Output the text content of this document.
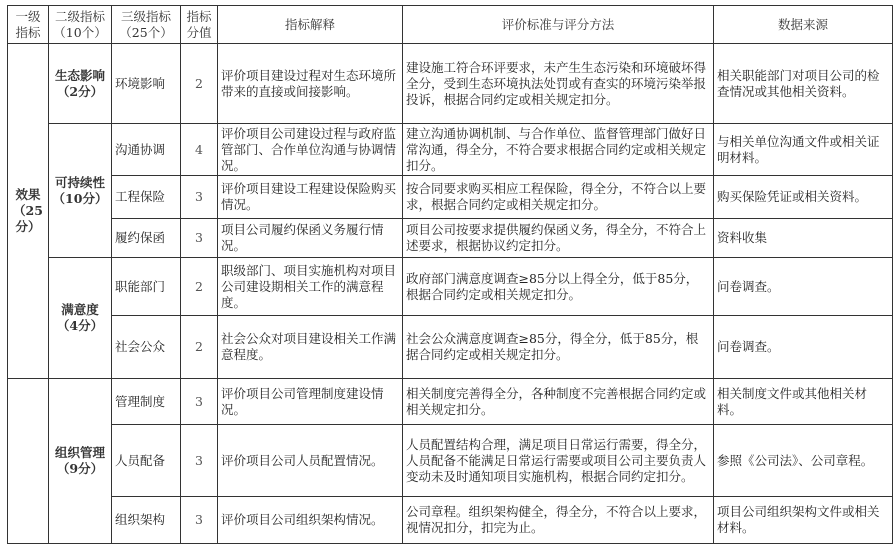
一级指标	二级指标（10个）	三级指标（25个）	指标分值	指标解释	评价标准与评分方法	数据来源
效果（25分）	生态影响（2分）	环境影响	2	评价项目建设过程对生态环境所带来的直接或间接影响。	建设施工符合环评要求，未产生生态污染和环境破坏得全分，受到生态环境执法处罚或有查实的环境污染举报投诉，根据合同约定或相关规定扣分。	相关职能部门对项目公司的检查情况或其他相关资料。
	可持续性（10分）	沟通协调	4	评价项目公司建设过程与政府监管部门、合作单位沟通与协调情况。	建立沟通协调机制、与合作单位、监督管理部门做好日常沟通，得全分，不符合要求根据合同约定或相关规定扣分。	与相关单位沟通文件或相关证明材料。
		工程保险	3	评价项目建设工程建设保险购买情况。	按合同要求购买相应工程保险，得全分，不符合以上要求，根据合同约定或相关规定扣分。	购买保险凭证或相关资料。
		履约保函	3	项目公司履约保函义务履行情况。	项目公司按要求提供履约保函义务，得全分，不符合上述要求，根据协议约定扣分。	资料收集
	满意度（4分）	职能部门	2	职级部门、项目实施机构对项目公司建设期相关工作的满意程度。	政府部门满意度调查≥85分以上得全分，低于85分，根据合同约定或相关规定扣分。	问卷调查。
		社会公众	2	社会公众对项目建设相关工作满意程度。	社会公众满意度调查≥85分，得全分，低于85分，根据合同约定或相关规定扣分。	问卷调查。
	组织管理（9分）	管理制度	3	评价项目公司管理制度建设情况。	相关制度完善得全分，各种制度不完善根据合同约定或相关规定扣分。	相关制度文件或其他相关材料。
		人员配备	3	评价项目公司人员配置情况。	人员配置结构合理，满足项目日常运行需要，得全分，人员配备不能满足日常运行需要或项目公司主要负责人变动未及时通知项目实施机构，根据合同约定扣分。	参照《公司法》、公司章程。
		组织架构	3	评价项目公司组织架构情况。	公司章程。组织架构健全，得全分，不符合以上要求，视情况扣分，扣完为止。	项目公司组织架构文件或相关材料。
